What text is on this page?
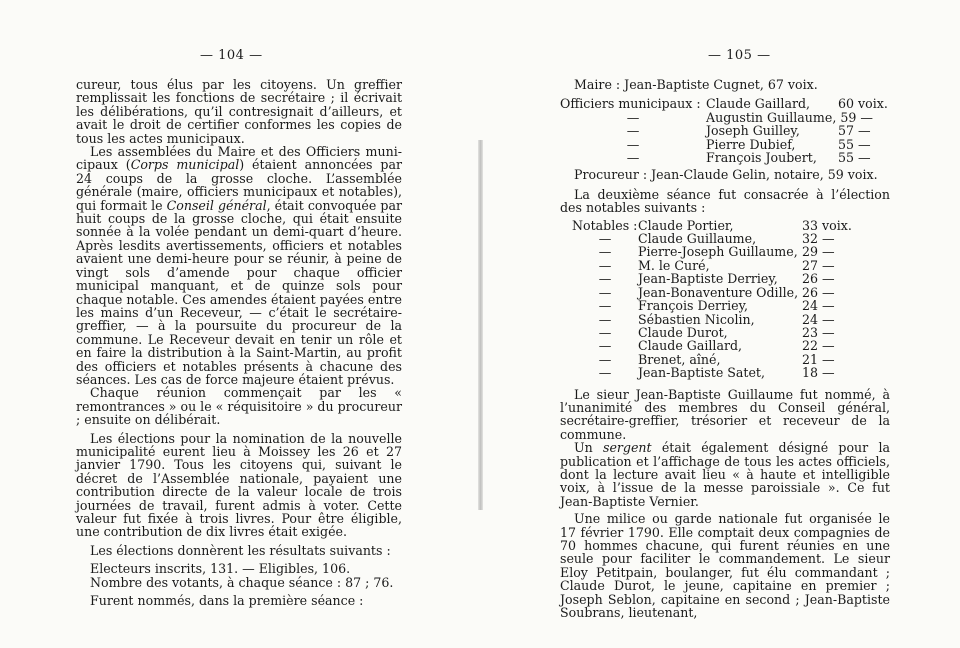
— 104 —

cureur, tous élus par les citoyens. Un greffier remplissait les fonctions de secrétaire ; il écrivait les délibérations, qu’il contresignait d’ailleurs, et avait le droit de certifier conformes les copies de tous les actes municipaux.

Les assemblées du Maire et des Officiers muni- cipaux (Corps municipal) étaient annoncées par 24 coups de la grosse cloche. L’assemblée générale (maire, officiers municipaux et notables), qui formait le Conseil général, était convoquée par huit coups de la grosse cloche, qui était ensuite sonnée à la volée pendant un demi-quart d’heure. Après lesdits avertissements, officiers et notables avaient une demi-heure pour se réunir, à peine de vingt sols d’amende pour chaque officier municipal manquant, et de quinze sols pour chaque notable. Ces amendes étaient payées entre les mains d’un Receveur, — c’était le secrétaire-greffier, — à la poursuite du procureur de la commune. Le Receveur devait en tenir un rôle et en faire la distribution à la Saint-Martin, au profit des officiers et notables présents à chacune des séances. Les cas de force majeure étaient prévus.

Chaque réunion commençait par les « remontrances » ou le « réquisitoire » du procureur ; ensuite on délibérait.

Les élections pour la nomination de la nouvelle municipalité eurent lieu à Moissey les 26 et 27 janvier 1790. Tous les citoyens qui, suivant le décret de l’Assemblée nationale, payaient une contribution directe de la valeur locale de trois journées de travail, furent admis à voter. Cette valeur fut fixée à trois livres. Pour être éligible, une contribution de dix livres était exigée.

Les élections donnèrent les résultats suivants :

Electeurs inscrits, 131. — Eligibles, 106.

Nombre des votants, à chaque séance : 87 ; 76.

Furent nommés, dans la première séance :

— 105 —

Maire : Jean-Baptiste Cugnet, 67 voix.

Officiers municipaux : Claude Gaillard,	60 voix.
—	Augustin Guillaume, 59 —
—	Joseph Guilley,	57 —
—	Pierre Dubief,	55 —
—	François Joubert,	55 —

Procureur : Jean-Claude Gelin, notaire, 59 voix.

La deuxième séance fut consacrée à l’élection des notables suivants :

Notables : Claude Portier,	33 voix.
—	Claude Guillaume,	32 —
—	Pierre-Joseph Guillaume, 29 —
—	M. le Curé,	27 —
—	Jean-Baptiste Derriey,	26 —
—	Jean-Bonaventure Odille, 26 —
—	François Derriey,	24 —
—	Sébastien Nicolin,	24 —
—	Claude Durot,	23 —
—	Claude Gaillard,	22 —
—	Brenet, aîné,	21 —
—	Jean-Baptiste Satet,	18 —

Le sieur Jean-Baptiste Guillaume fut nommé, à l’unanimité des membres du Conseil général, secrétaire-greffier, trésorier et receveur de la commune.

Un sergent était également désigné pour la publication et l’affichage de tous les actes officiels, dont la lecture avait lieu « à haute et intelligible voix, à l’issue de la messe paroissiale ». Ce fut Jean-Baptiste Vernier.

Une milice ou garde nationale fut organisée le 17 février 1790. Elle comptait deux compagnies de 70 hommes chacune, qui furent réunies en une seule pour faciliter le commandement. Le sieur Eloy Petitpain, boulanger, fut élu commandant ; Claude Durot, le jeune, capitaine en premier ; Joseph Seblon, capitaine en second ; Jean-Baptiste Soubrans, lieutenant,
